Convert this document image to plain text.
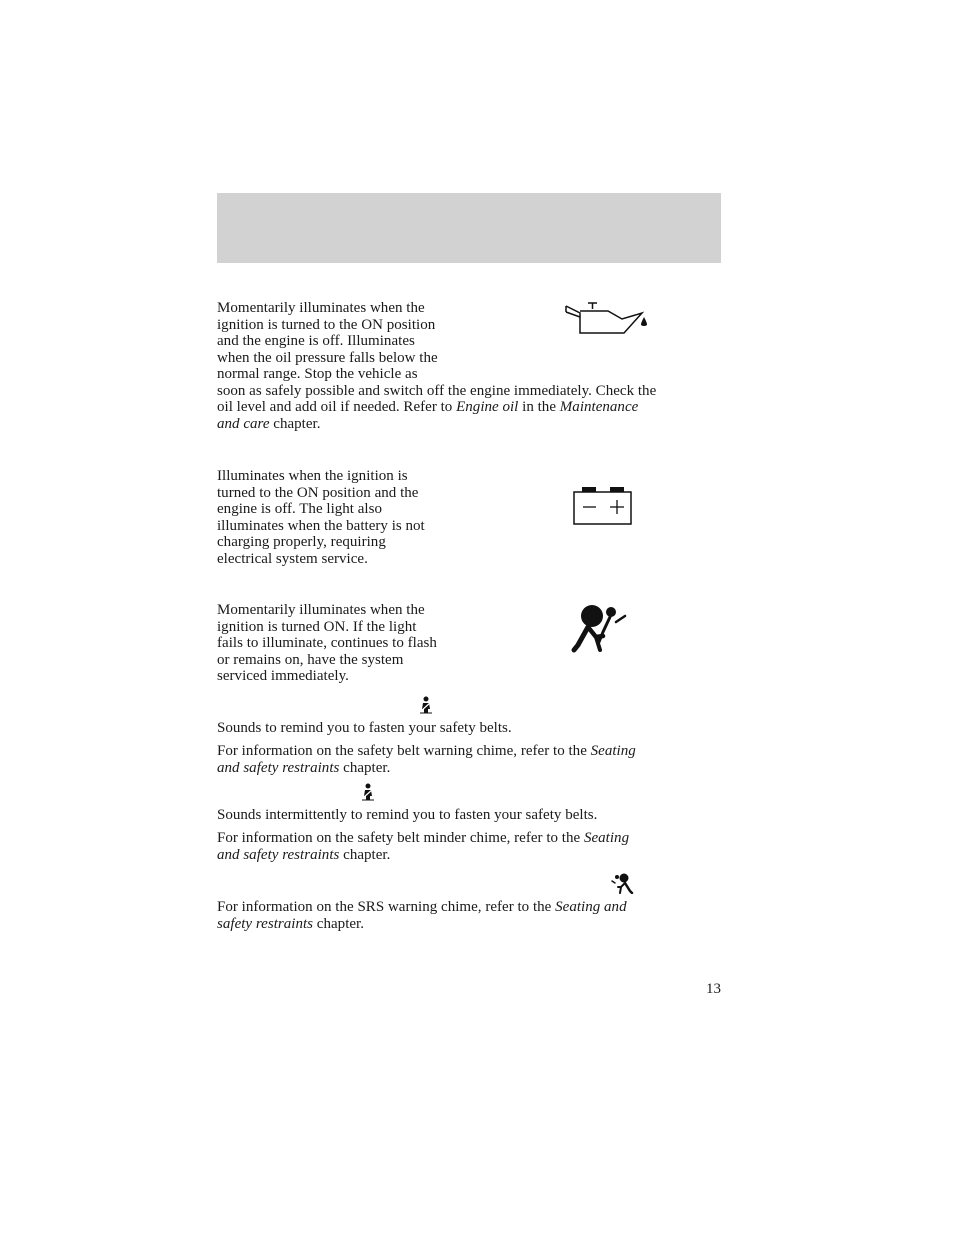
Momentarily illuminates when the
ignition is turned to the ON position
and the engine is off. Illuminates
when the oil pressure falls below the
normal range. Stop the vehicle as
soon as safely possible and switch off the engine immediately. Check the
oil level and add oil if needed. Refer to Engine oil in the Maintenance
and care chapter.

Illuminates when the ignition is
turned to the ON position and the
engine is off. The light also
illuminates when the battery is not
charging properly, requiring
electrical system service.

Momentarily illuminates when the
ignition is turned ON. If the light
fails to illuminate, continues to flash
or remains on, have the system
serviced immediately.

Sounds to remind you to fasten your safety belts.

For information on the safety belt warning chime, refer to the Seating
and safety restraints chapter.

Sounds intermittently to remind you to fasten your safety belts.

For information on the safety belt minder chime, refer to the Seating
and safety restraints chapter.

For information on the SRS warning chime, refer to the Seating and
safety restraints chapter.

13
